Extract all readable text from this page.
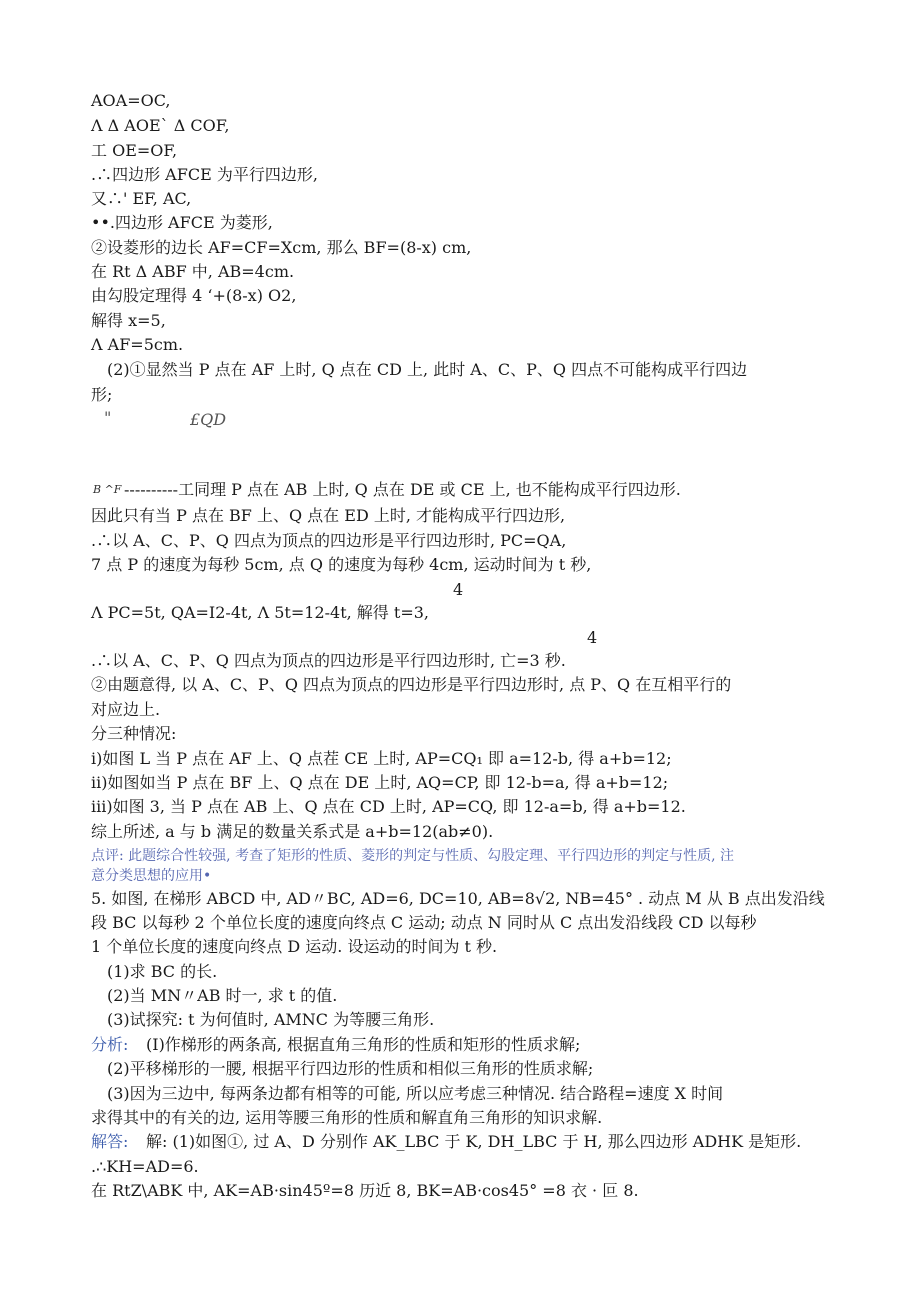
AOA=OC,
Λ Δ AOE` Δ COF,
工 OE=OF,
.∴四边形 AFCE 为平行四边形,
又∴' EF, AC,
••.四边形 AFCE 为菱形,
②设菱形的边长 AF=CF=Xcm, 那么 BF=(8-x) cm,
在 Rt Δ ABF 中, AB=4cm.
由勾股定理得 4 ‘+(8-x) O2,
解得 x=5,
Λ AF=5cm.
(2)①显然当 P 点在 AF 上时, Q 点在 CD 上, 此时 A、C、P、Q 四点不可能构成平行四边
形;
"	£QD
B ^F ----------工同理 P 点在 AB 上时, Q 点在 DE 或 CE 上, 也不能构成平行四边形.
因此只有当 P 点在 BF 上、Q 点在 ED 上时, 才能构成平行四边形,
.∴以 A、C、P、Q 四点为顶点的四边形是平行四边形时, PC=QA,
7 点 P 的速度为每秒 5cm, 点 Q 的速度为每秒 4cm, 运动时间为 t 秒,
4
Λ PC=5t, QA=I2-4t, Λ 5t=12-4t, 解得 t=3,
4
.∴以 A、C、P、Q 四点为顶点的四边形是平行四边形时, 亡=3 秒.
②由题意得, 以 A、C、P、Q 四点为顶点的四边形是平行四边形时, 点 P、Q 在互相平行的
对应边上.
分三种情况:
i)如图 L 当 P 点在 AF 上、Q 点茬 CE 上时, AP=CQ₁ 即 a=12-b, 得 a+b=12;
ii)如图如当 P 点在 BF 上、Q 点在 DE 上时, AQ=CP, 即 12-b=a, 得 a+b=12;
iii)如图 3, 当 P 点在 AB 上、Q 点在 CD 上时, AP=CQ, 即 12-a=b, 得 a+b=12.
综上所述, a 与 b 满足的数量关系式是 a+b=12(ab≠0).
点评: 此题综合性较强, 考查了矩形的性质、菱形的判定与性质、勾股定理、平行四边形的判定与性质, 注
意分类思想的应用•
5. 如图, 在梯形 ABCD 中, AD〃BC, AD=6, DC=10, AB=8√2, NB=45° . 动点 M 从 B 点出发沿线
段 BC 以每秒 2 个单位长度的速度向终点 C 运动; 动点 N 同时从 C 点出发沿线段 CD 以每秒
1 个单位长度的速度向终点 D 运动. 设运动的时间为 t 秒.
(1)求 BC 的长.
(2)当 MN〃AB 时一, 求 t 的值.
(3)试探究: t 为何值时, AMNC 为等腰三角形.
分析: (I)作梯形的两条高, 根据直角三角形的性质和矩形的性质求解;
(2)平移梯形的一腰, 根据平行四边形的性质和相似三角形的性质求解;
(3)因为三边中, 每两条边都有相等的可能, 所以应考虑三种情况. 结合路程=速度 X 时间
求得其中的有关的边, 运用等腰三角形的性质和解直角三角形的知识求解.
解答: 解: (1)如图①, 过 A、D 分别作 AK_LBC 于 K, DH_LBC 于 H, 那么四边形 ADHK 是矩形.
.∴KH=AD=6.
在 RtZ\ABK 中, AK=AB·sin45º=8 历近 8, BK=AB·cos45° =8 衣 · 叵 8.
